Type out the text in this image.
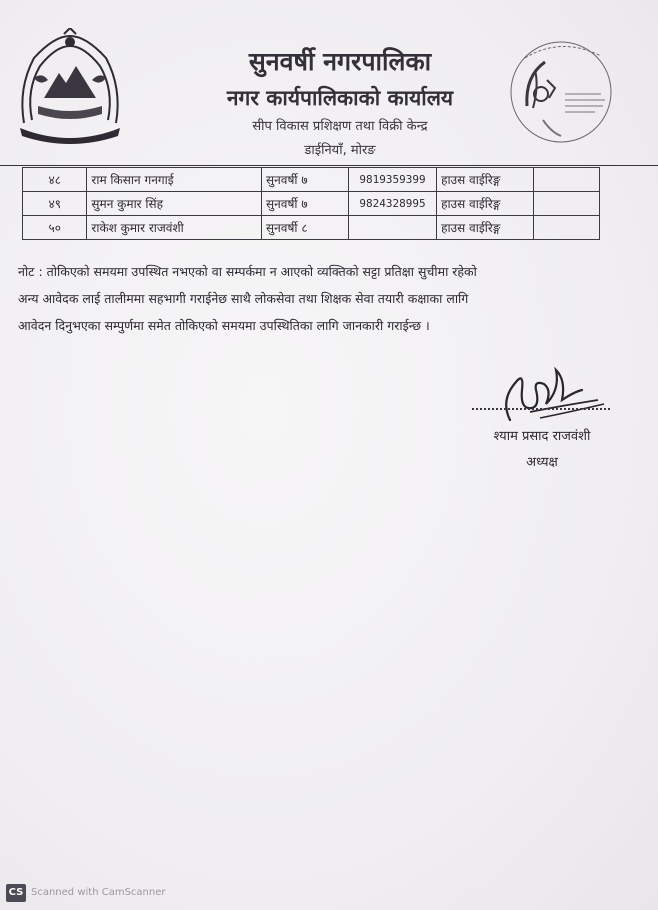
सुनवर्षी नगरपालिका
नगर कार्यपालिकाको कार्यालय
सीप विकास प्रशिक्षण तथा विक्री केन्द्र
डाईनियाँ, मोरङ
४८	राम किसान गनगाई	सुनवर्षी ७	9819359399	हाउस वाईरिङ्ग	
४९	सुमन कुमार सिंह	सुनवर्षी ७	9824328995	हाउस वाईरिङ्ग	
५०	राकेश कुमार राजवंशी	सुनवर्षी ८		हाउस वाईरिङ्ग	
नोट : तोकिएको समयमा उपस्थित नभएको वा सम्पर्कमा न आएको व्यक्तिको सट्टा प्रतिक्षा सुचीमा रहेको
अन्य आवेदक लाई तालीममा सहभागी गराईनेछ साथै लोकसेवा तथा शिक्षक सेवा तयारी कक्षाका लागि
आवेदन दिनुभएका सम्पुर्णमा समेत तोकिएको समयमा उपस्थितिका लागि जानकारी गराईन्छ ।
श्याम प्रसाद राजवंशी
अध्यक्ष
CS Scanned with CamScanner
